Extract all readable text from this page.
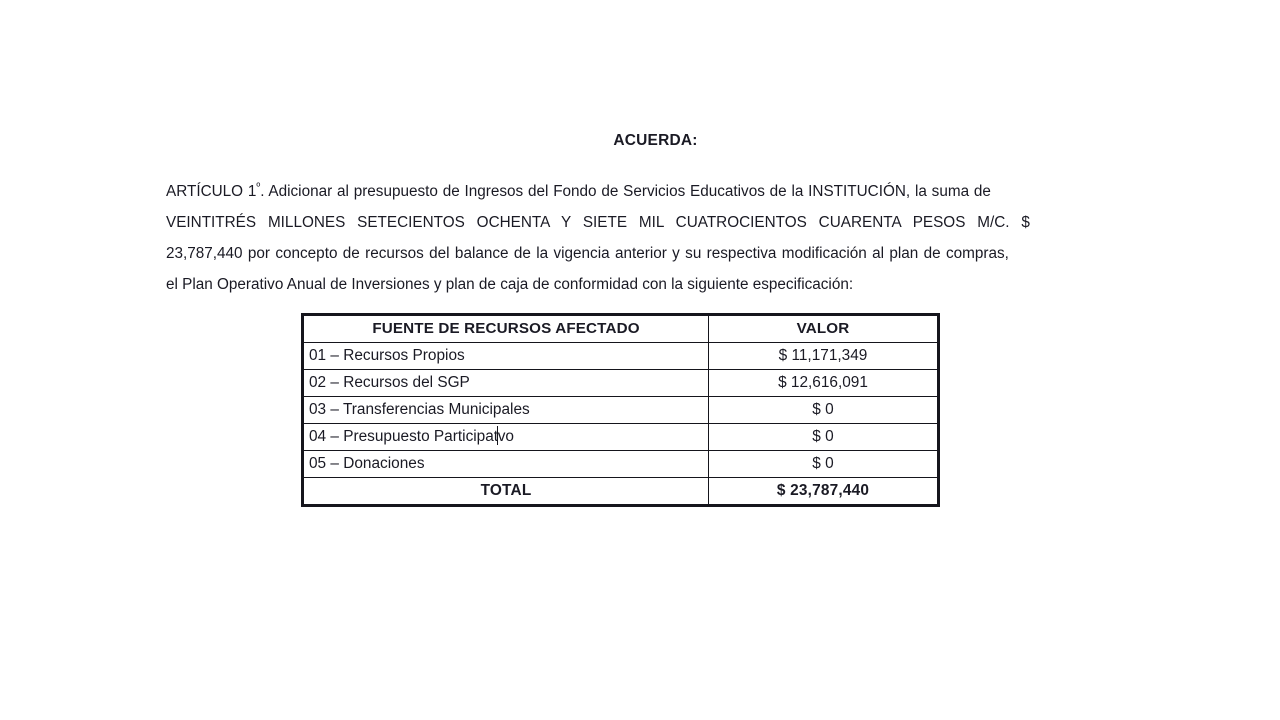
ACUERDA:

ARTÍCULO $1^º$. Adicionar al presupuesto de Ingresos del Fondo de Servicios Educativos de la INSTITUCIÓN, la suma de
VEINTITRÉS MILLONES SETECIENTOS OCHENTA Y SIETE MIL CUATROCIENTOS CUARENTA PESOS M/C. $
23,787,440 por concepto de recursos del balance de la vigencia anterior y su respectiva modificación al plan de compras,
el Plan Operativo Anual de Inversiones y plan de caja de conformidad con la siguiente especificación:

FUENTE DE RECURSOS AFECTADO	VALOR
01 – Recursos Propios	$ 11,171,349
02 – Recursos del SGP	$ 12,616,091
03 – Transferencias Municipales	$ 0
04 – Presupuesto Participatvo	$ 0
05 – Donaciones	$ 0
TOTAL	$ 23,787,440
